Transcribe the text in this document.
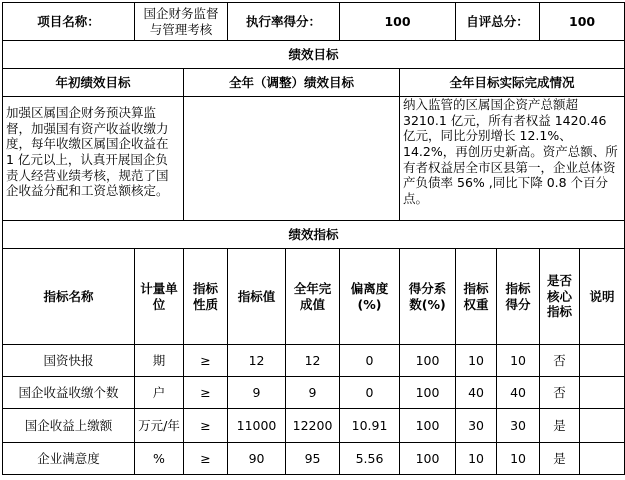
项目名称：	国企财务监督与管理考核		执行率得分：		100		自评总分：		100	
绩效目标										
年初绩效目标		全年（调整）绩效目标				全年目标实际完成情况				
加强区属国企财务预决算监督，加强国有资产收益收缴力度，每年收缴区属国企收益在 1 亿元以上，认真开展国企负责人经营业绩考核，规范了国企收益分配和工资总额核定。						纳入监管的区属国企资产总额超 3210.1 亿元，所有者权益 1420.46 亿元，同比分别增长 12.1%、14.2%，再创历史新高。资产总额、所有者权益居全市区县第一，企业总体资产负债率 56% ,同比下降 0.8 个百分点。				
绩效指标										
指标名称	计量单位	指标性质	指标值	全年完成值	偏离度(%)	得分系数(%)	指标权重	指标得分	是否核心指标	说明
国资快报	期	≥	12	12	0	100	10	10	否	
国企收益收缴个数	户	≥	9	9	0	100	40	40	否	
国企收益上缴额	万元/年	≥	11000	12200	10.91	100	30	30	是	
企业满意度	%	≥	90	95	5.56	100	10	10	是	
